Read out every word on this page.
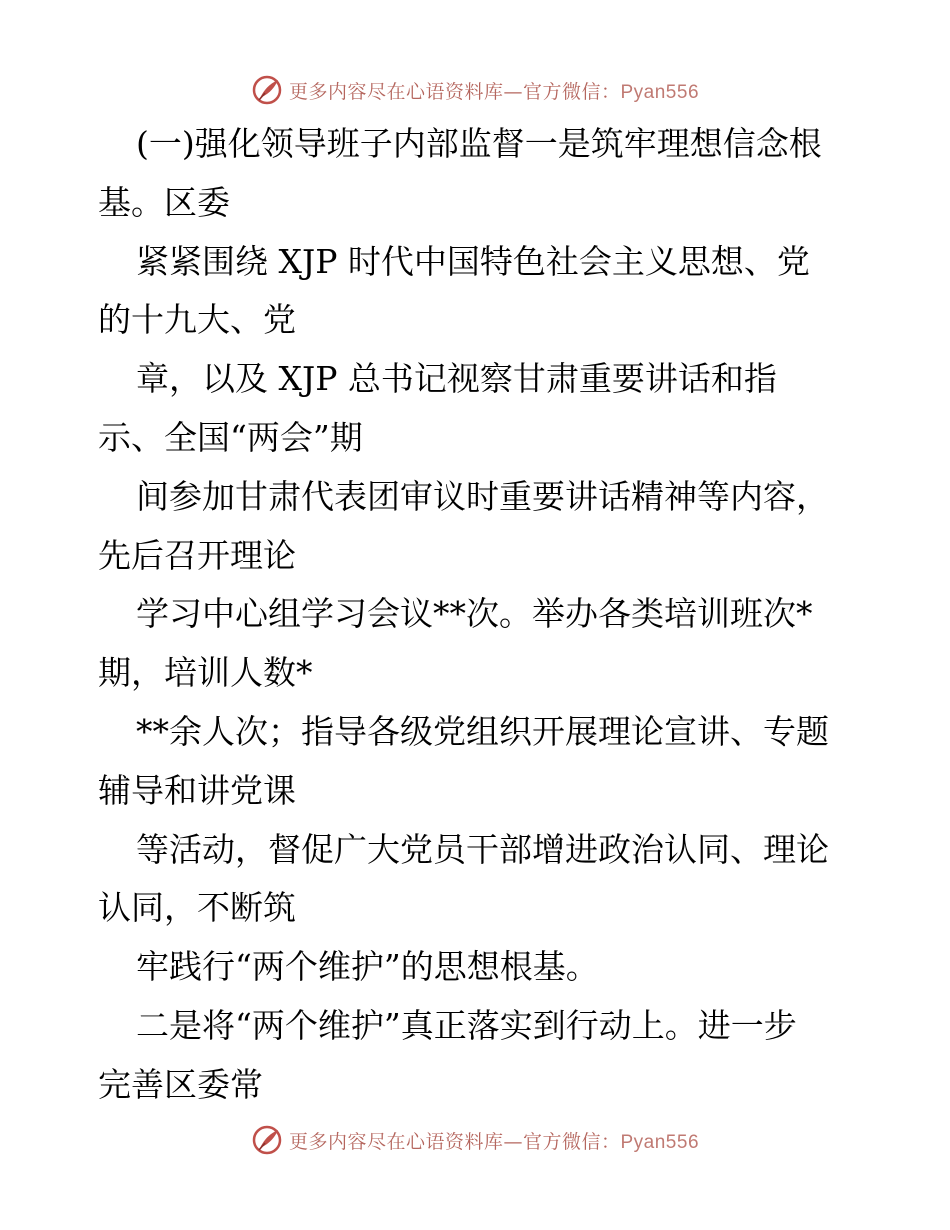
更多内容尽在心语资料库—官方微信：Pyan556
(一)强化领导班子内部监督一是筑牢理想信念根
基。区委
紧紧围绕 XJP 时代中国特色社会主义思想、党
的十九大、党
章，以及 XJP 总书记视察甘肃重要讲话和指
示、全国“两会”期
间参加甘肃代表团审议时重要讲话精神等内容，
先后召开理论
学习中心组学习会议**次。举办各类培训班次*
期，培训人数*
**余人次；指导各级党组织开展理论宣讲、专题
辅导和讲党课
等活动，督促广大党员干部增进政治认同、理论
认同，不断筑
牢践行“两个维护”的思想根基。
二是将“两个维护”真正落实到行动上。进一步
完善区委常
更多内容尽在心语资料库—官方微信：Pyan556
